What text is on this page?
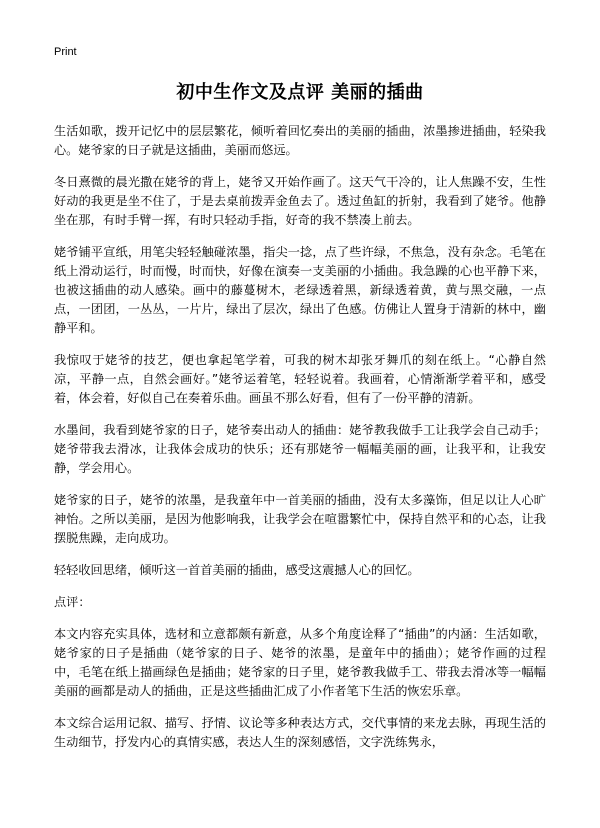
Print
初中生作文及点评 美丽的插曲

生活如歌，拨开记忆中的层层繁花，倾听着回忆奏出的美丽的插曲，浓墨掺进插曲，轻染我心。姥爷家的日子就是这插曲，美丽而悠远。

冬日熹微的晨光撒在姥爷的背上，姥爷又开始作画了。这天气干冷的，让人焦躁不安，生性好动的我更是坐不住了，于是去桌前拨弄金鱼去了。透过鱼缸的折射，我看到了姥爷。他静坐在那，有时手臂一挥，有时只轻动手指，好奇的我不禁凑上前去。

姥爷铺平宣纸，用笔尖轻轻触碰浓墨，指尖一捻，点了些许绿，不焦急，没有杂念。毛笔在纸上滑动运行，时而慢，时而快，好像在演奏一支美丽的小插曲。我急躁的心也平静下来，也被这插曲的动人感染。画中的藤蔓树木，老绿透着黑，新绿透着黄，黄与黑交融，一点点，一团团，一丛丛，一片片，绿出了层次，绿出了色感。仿佛让人置身于清新的林中，幽静平和。

我惊叹于姥爷的技艺，便也拿起笔学着，可我的树木却张牙舞爪的刻在纸上。“心静自然凉，平静一点，自然会画好。”姥爷运着笔，轻轻说着。我画着，心情渐渐学着平和，感受着，体会着，好似自己在奏着乐曲。画虽不那么好看，但有了一份平静的清新。

水墨间，我看到姥爷家的日子，姥爷奏出动人的插曲：姥爷教我做手工让我学会自己动手；姥爷带我去滑冰，让我体会成功的快乐；还有那姥爷一幅幅美丽的画，让我平和，让我安静，学会用心。

姥爷家的日子，姥爷的浓墨，是我童年中一首美丽的插曲，没有太多藻饰，但足以让人心旷神怡。之所以美丽，是因为他影响我，让我学会在喧嚣繁忙中，保持自然平和的心态，让我摆脱焦躁，走向成功。

轻轻收回思绪，倾听这一首首美丽的插曲，感受这震撼人心的回忆。

点评：

本文内容充实具体，选材和立意都颇有新意，从多个角度诠释了“插曲”的内涵：生活如歌，姥爷家的日子是插曲（姥爷家的日子、姥爷的浓墨，是童年中的插曲）；姥爷作画的过程中，毛笔在纸上描画绿色是插曲；姥爷家的日子里，姥爷教我做手工、带我去滑冰等一幅幅美丽的画都是动人的插曲，正是这些插曲汇成了小作者笔下生活的恢宏乐章。

本文综合运用记叙、描写、抒情、议论等多种表达方式，交代事情的来龙去脉，再现生活的生动细节，抒发内心的真情实感，表达人生的深刻感悟，文字洗练隽永，
